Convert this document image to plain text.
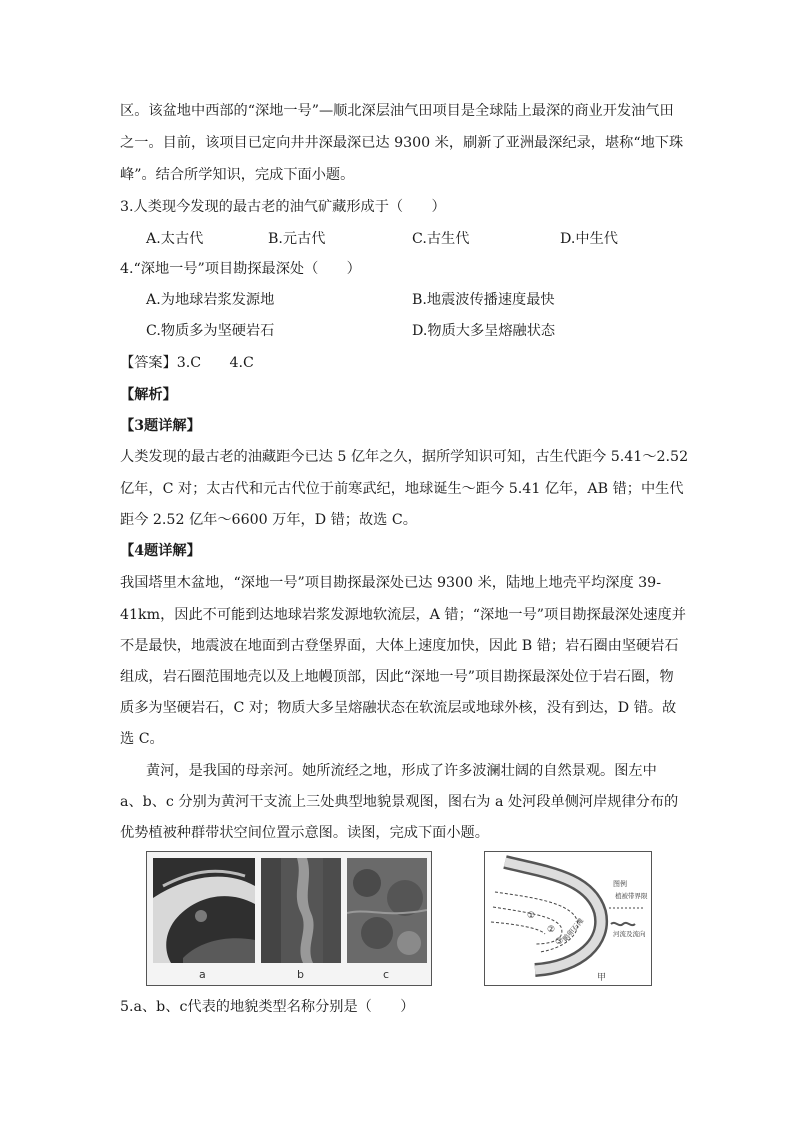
区。该盆地中西部的“深地一号”—顺北深层油气田项目是全球陆上最深的商业开发油气田
之一。目前，该项目已定向井井深最深已达 9300 米，刷新了亚洲最深纪录，堪称“地下珠
峰”。结合所学知识，完成下面小题。
3.人类现今发现的最古老的油气矿藏形成于（　　）
A.太古代	B.元古代	C.古生代	D.中生代
4.“深地一号”项目勘探最深处（　　）
A.为地球岩浆发源地	B.地震波传播速度最快
C.物质多为坚硬岩石	D.物质大多呈熔融状态
【答案】3.C　　4.C
【解析】
【3题详解】
人类发现的最古老的油藏距今已达 5 亿年之久，据所学知识可知，古生代距今 5.41～2.52
亿年，C 对；太古代和元古代位于前寒武纪，地球诞生～距今 5.41 亿年，AB 错；中生代
距今 2.52 亿年～6600 万年，D 错；故选 C。
【4题详解】
我国塔里木盆地，“深地一号”项目勘探最深处已达 9300 米，陆地上地壳平均深度 39-
41km，因此不可能到达地球岩浆发源地软流层，A 错；“深地一号”项目勘探最深处速度并
不是最快，地震波在地面到古登堡界面，大体上速度加快，因此 B 错；岩石圈由坚硬岩石
组成，岩石圈范围地壳以及上地幔顶部，因此“深地一号”项目勘探最深处位于岩石圈，物
质多为坚硬岩石，C 对；物质大多呈熔融状态在软流层或地球外核，没有到达，D 错。故
选 C。
黄河，是我国的母亲河。她所流经之地，形成了许多波澜壮阔的自然景观。图左中
a、b、c 分别为黄河干支流上三处典型地貌景观图，图右为 a 处河段单侧河岸规律分布的
优势植被种群带状空间位置示意图。读图，完成下面小题。
a	b	c
①
②
③
鹅卵石滩
甲
图例
植被带界限
河流及流向
5.a、b、c代表的地貌类型名称分别是（　　）
